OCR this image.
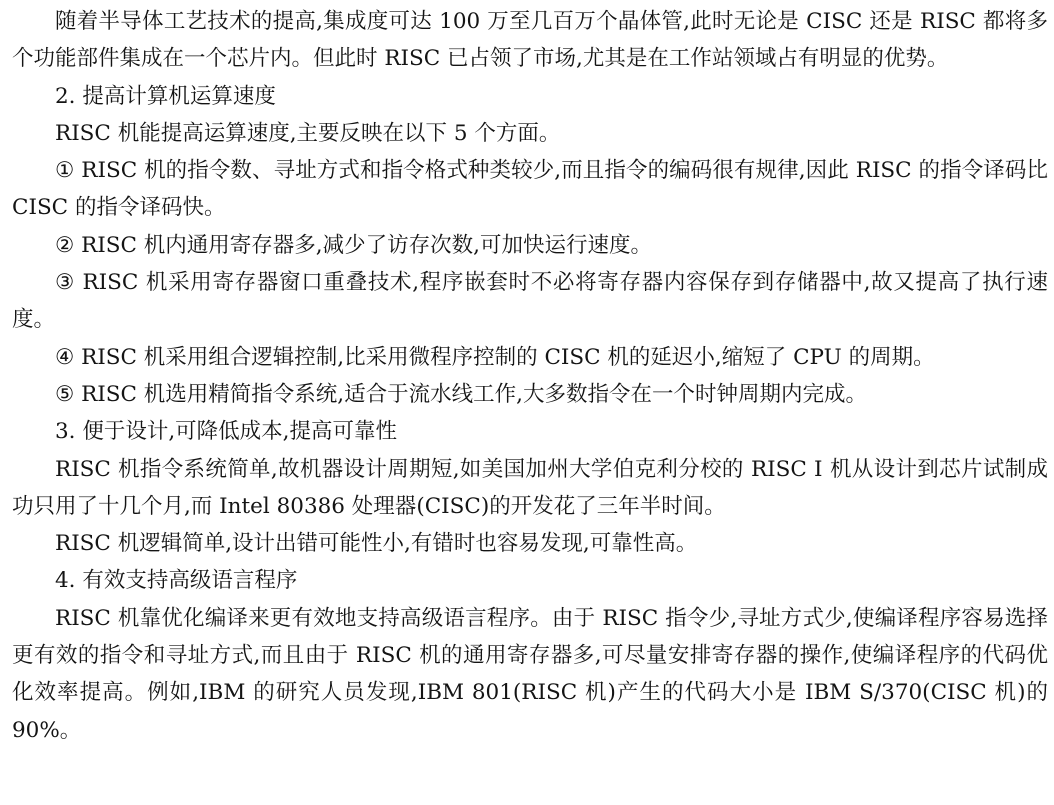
随着半导体工艺技术的提高,集成度可达 100 万至几百万个晶体管,此时无论是 CISC 还是 RISC 都将多个功能部件集成在一个芯片内。但此时 RISC 已占领了市场,尤其是在工作站领域占有明显的优势。

2. 提高计算机运算速度

RISC 机能提高运算速度,主要反映在以下 5 个方面。

① RISC 机的指令数、寻址方式和指令格式种类较少,而且指令的编码很有规律,因此 RISC 的指令译码比 CISC 的指令译码快。

② RISC 机内通用寄存器多,减少了访存次数,可加快运行速度。

③ RISC 机采用寄存器窗口重叠技术,程序嵌套时不必将寄存器内容保存到存储器中,故又提高了执行速度。

④ RISC 机采用组合逻辑控制,比采用微程序控制的 CISC 机的延迟小,缩短了 CPU 的周期。

⑤ RISC 机选用精简指令系统,适合于流水线工作,大多数指令在一个时钟周期内完成。

3. 便于设计,可降低成本,提高可靠性

RISC 机指令系统简单,故机器设计周期短,如美国加州大学伯克利分校的 RISC Ⅰ 机从设计到芯片试制成功只用了十几个月,而 Intel 80386 处理器(CISC)的开发花了三年半时间。

RISC 机逻辑简单,设计出错可能性小,有错时也容易发现,可靠性高。

4. 有效支持高级语言程序

RISC 机靠优化编译来更有效地支持高级语言程序。由于 RISC 指令少,寻址方式少,使编译程序容易选择更有效的指令和寻址方式,而且由于 RISC 机的通用寄存器多,可尽量安排寄存器的操作,使编译程序的代码优化效率提高。例如,IBM 的研究人员发现,IBM 801(RISC 机)产生的代码大小是 IBM S/370(CISC 机)的 90%。
